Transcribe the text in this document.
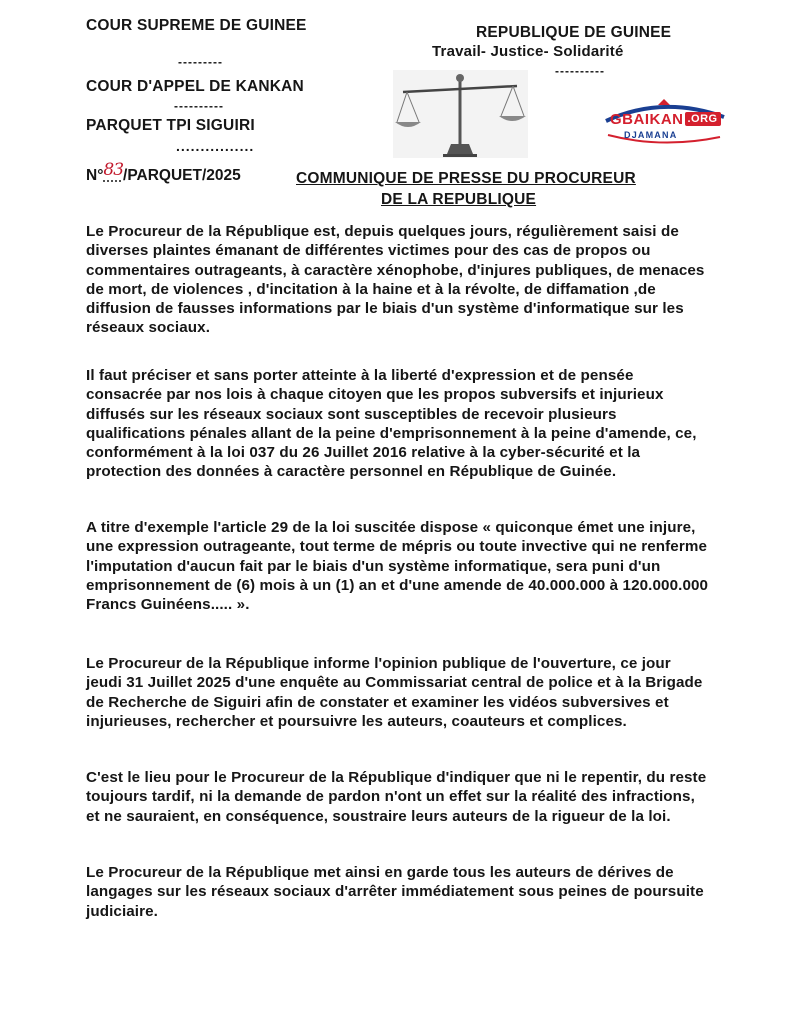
COUR SUPREME DE GUINEE
---------
COUR D'APPEL DE KANKAN
----------
PARQUET TPI SIGUIRI
................
REPUBLIQUE DE GUINEE
Travail- Justice- Solidarité
----------
GBAIKAN .ORG
DJAMANA
N°83/PARQUET/2025	COMMUNIQUE DE PRESSE DU PROCUREUR
DE LA REPUBLIQUE

Le Procureur de la République est, depuis quelques jours, régulièrement saisi de diverses plaintes émanant de différentes victimes pour des cas de propos ou commentaires outrageants, à caractère xénophobe, d'injures publiques, de menaces de mort, de violences , d'incitation à la haine et à la révolte, de diffamation ,de diffusion de fausses informations par le biais d'un système d'informatique sur les réseaux sociaux.

Il faut préciser et sans porter atteinte à la liberté d'expression et de pensée consacrée par nos lois à chaque citoyen que les propos subversifs et injurieux diffusés sur les réseaux sociaux sont susceptibles de recevoir plusieurs qualifications pénales allant de la peine d'emprisonnement à la peine d'amende, ce, conformément à la loi 037 du 26 Juillet 2016 relative à la cyber-sécurité et la protection des données à caractère personnel en République de Guinée.

A titre d'exemple l'article 29 de la loi suscitée dispose « quiconque émet une injure, une expression outrageante, tout terme de mépris ou toute invective qui ne renferme l'imputation d'aucun fait par le biais d'un système informatique, sera puni d'un emprisonnement de (6) mois à un (1) an et d'une amende de 40.000.000 à 120.000.000 Francs Guinéens..... ».

Le Procureur de la République informe l'opinion publique de l'ouverture, ce jour jeudi 31 Juillet 2025 d'une enquête au Commissariat central de police et à la Brigade de Recherche de Siguiri afin de constater et examiner les vidéos subversives et injurieuses, rechercher et poursuivre les auteurs, coauteurs et complices.

C'est le lieu pour le Procureur de la République d'indiquer que ni le repentir, du reste toujours tardif, ni la demande de pardon n'ont un effet sur la réalité des infractions, et ne sauraient, en conséquence, soustraire leurs auteurs de la rigueur de la loi.

Le Procureur de la République met ainsi en garde tous les auteurs de dérives de langages sur les réseaux sociaux d'arrêter immédiatement sous peines de poursuite judiciaire.
